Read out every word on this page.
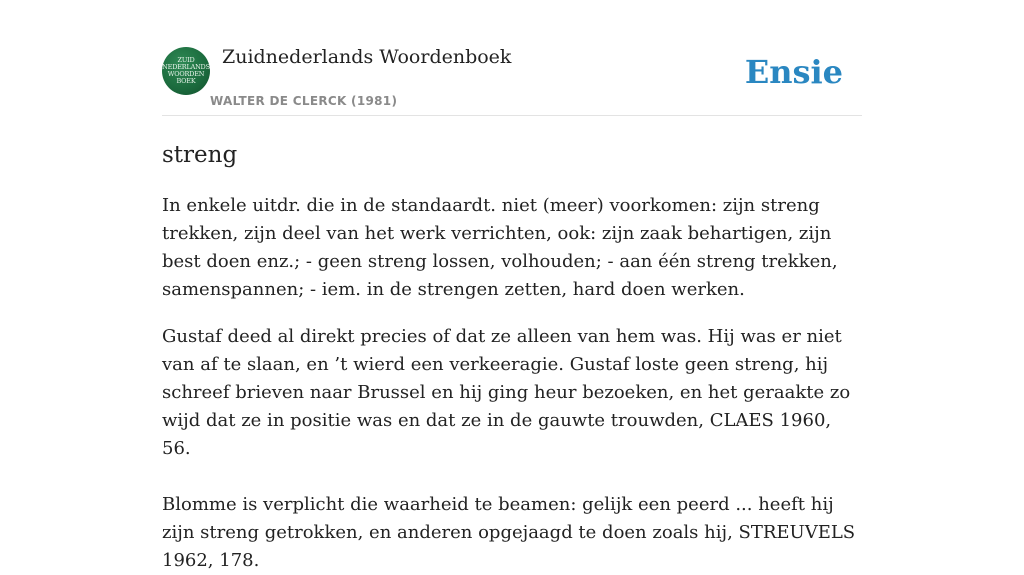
ZUID
NEDERLANDS
WOORDEN
BOEK
Zuidnederlands Woordenboek
WALTER DE CLERCK (1981)
Ensie
streng

In enkele uitdr. die in de standaardt. niet (meer) voorkomen: zijn streng trekken, zijn deel van het werk verrichten, ook: zijn zaak behartigen, zijn best doen enz.; - geen streng lossen, volhouden; - aan één streng trekken, samenspannen; - iem. in de strengen zetten, hard doen werken.

Gustaf deed al direkt precies of dat ze alleen van hem was. Hij was er niet van af te slaan, en ’t wierd een verkeeragie. Gustaf loste geen streng, hij schreef brieven naar Brussel en hij ging heur bezoeken, en het geraakte zo wijd dat ze in positie was en dat ze in de gauwte trouwden, CLAES 1960, 56.

Blomme is verplicht die waarheid te beamen: gelijk een peerd ... heeft hij zijn streng getrokken, en anderen opgejaagd te doen zoals hij, STREUVELS 1962, 178.
